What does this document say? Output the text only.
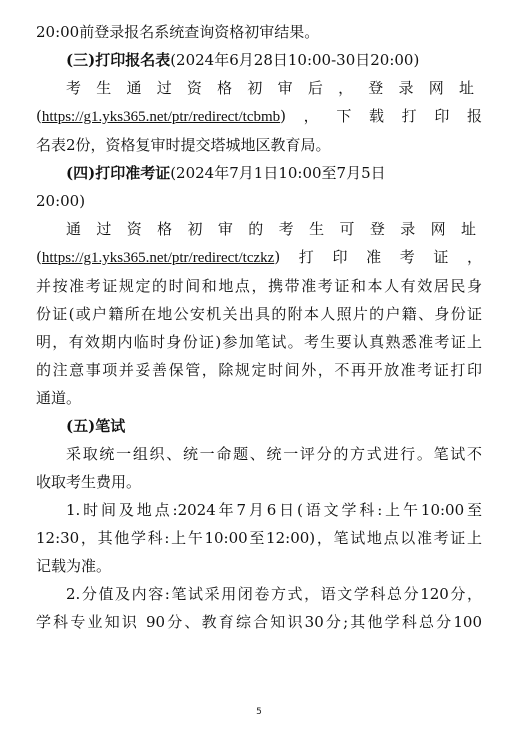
20:00前登录报名系统查询资格初审结果。

(三)打印报名表(2024年6月28日10:00-30日20:00)

考生通过资格初审后，登录网址

(https://g1.yks365.net/ptr/redirect/tcbmb)，下载打印报

名表2份，资格复审时提交塔城地区教育局。

(四)打印准考证(2024年7月1日10:00至7月5日

20:00)

通过资格初审的考生可登录网址

(https://g1.yks365.net/ptr/redirect/tczkz)打印准考证，

并按准考证规定的时间和地点，携带准考证和本人有效居民身

份证(或户籍所在地公安机关出具的附本人照片的户籍、身份证

明，有效期内临时身份证)参加笔试。考生要认真熟悉准考证上

的注意事项并妥善保管，除规定时间外，不再开放准考证打印

通道。

(五)笔试

采取统一组织、统一命题、统一评分的方式进行。笔试不

收取考生费用。

1.时间及地点:2024年7月6日(语文学科:上午10:00至

12:30，其他学科:上午10:00至12:00)，笔试地点以准考证上

记载为准。

2.分值及内容:笔试采用闭卷方式，语文学科总分120分，

学科专业知识 90分、教育综合知识30分;其他学科总分100

5
